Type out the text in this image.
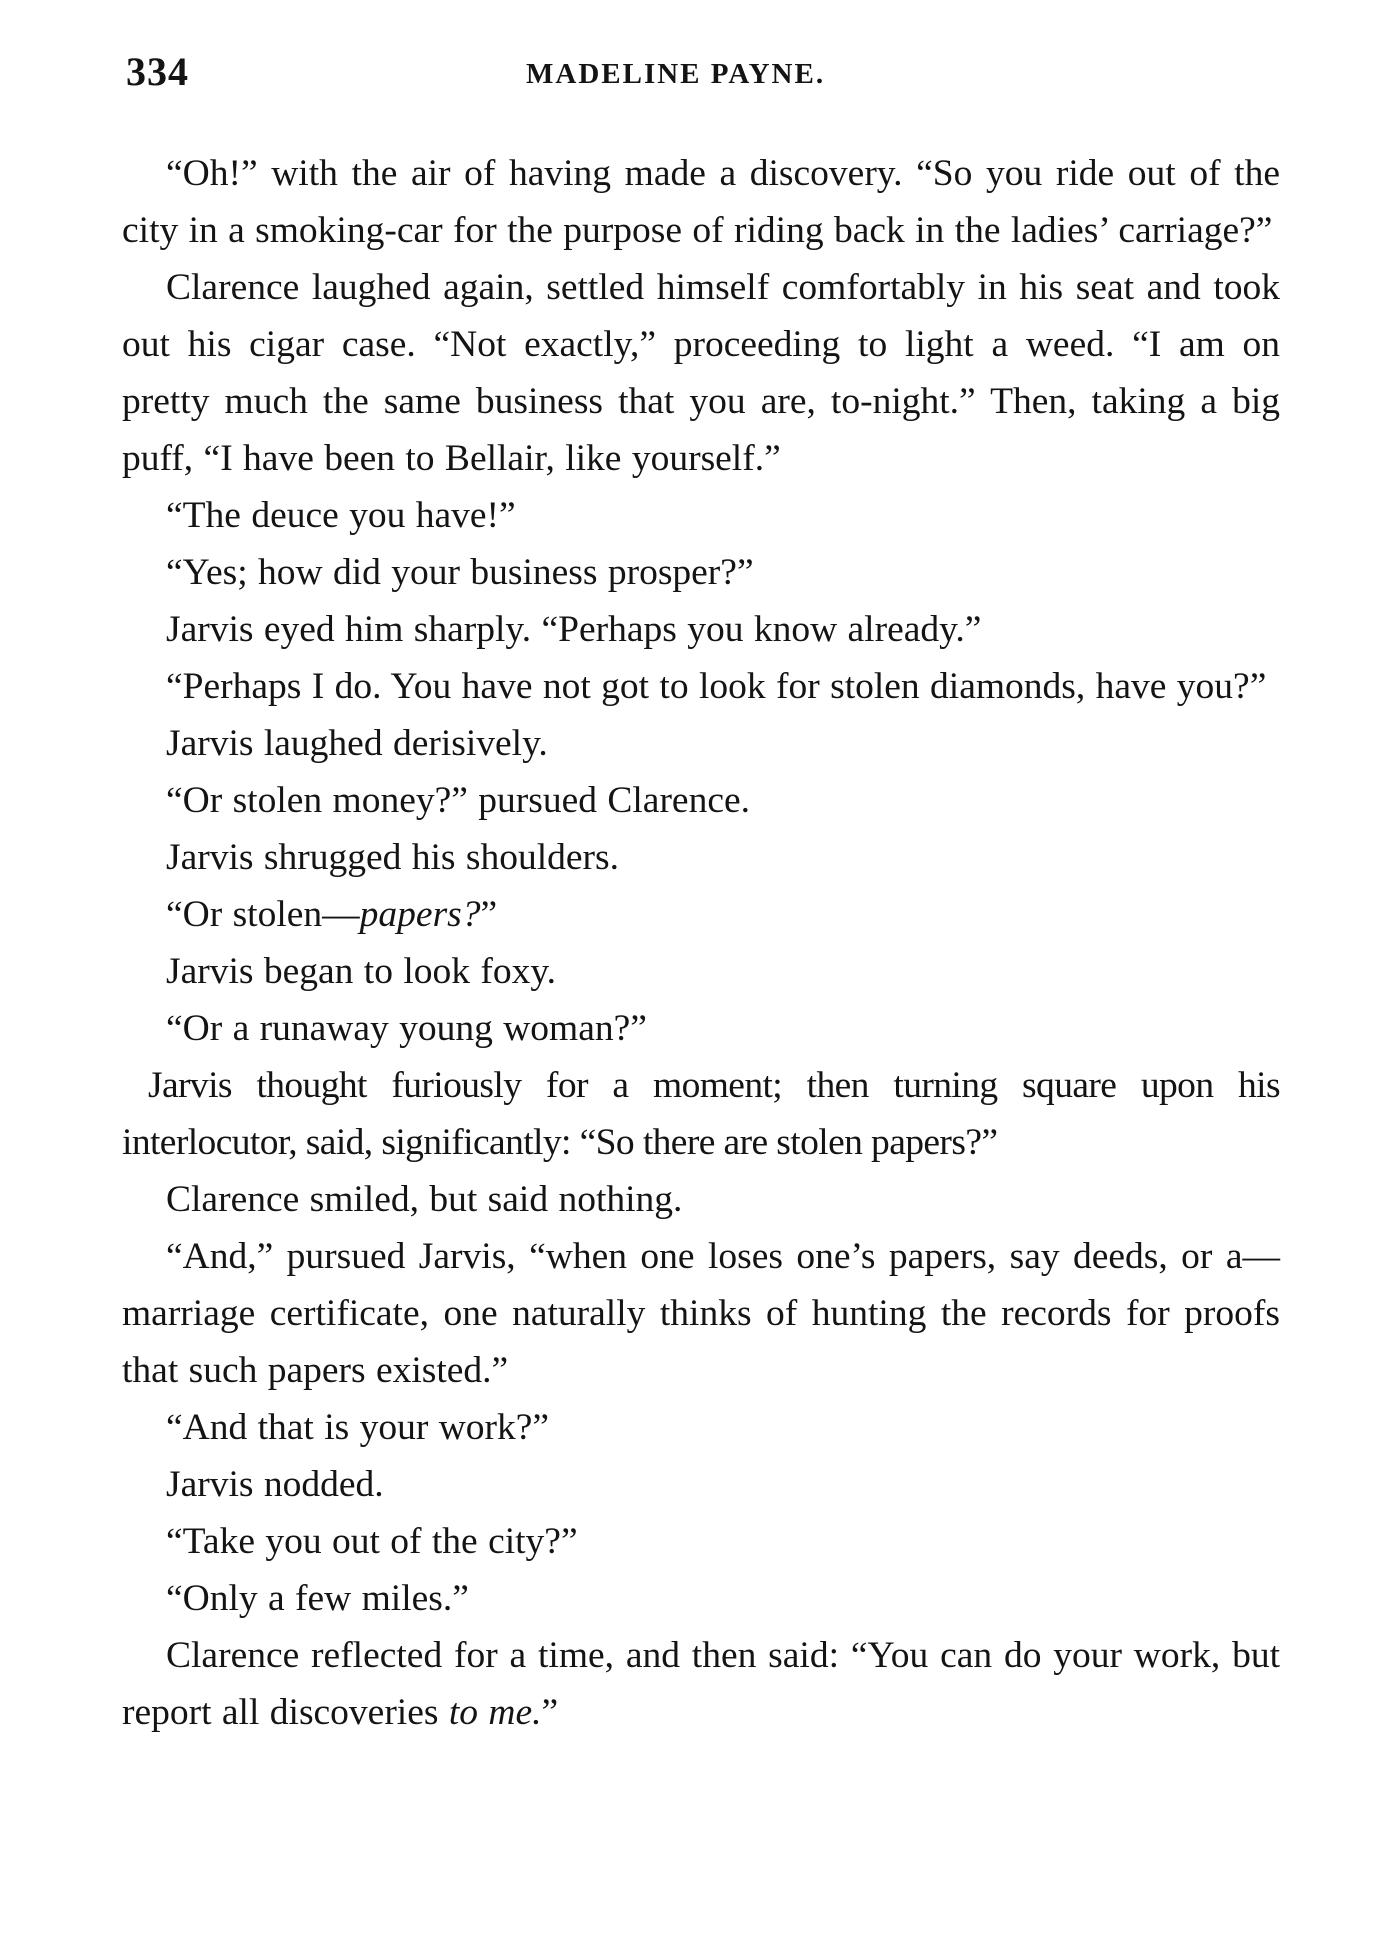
334	MADELINE PAYNE.

“Oh!” with the air of having made a discovery. “So you ride out of the city in a smoking-car for the purpose of riding back in the ladies’ carriage?”

Clarence laughed again, settled himself comfortably in his seat and took out his cigar case. “Not exactly,” proceeding to light a weed. “I am on pretty much the same business that you are, to-night.” Then, taking a big puff, “I have been to Bellair, like yourself.”

“The deuce you have!”

“Yes; how did your business prosper?”

Jarvis eyed him sharply. “Perhaps you know already.”

“Perhaps I do. You have not got to look for stolen diamonds, have you?”

Jarvis laughed derisively.

“Or stolen money?” pursued Clarence.

Jarvis shrugged his shoulders.

“Or stolen—papers?”

Jarvis began to look foxy.

“Or a runaway young woman?”

Jarvis thought furiously for a moment; then turning square upon his interlocutor, said, significantly: “So there are stolen papers?”

Clarence smiled, but said nothing.

“And,” pursued Jarvis, “when one loses one’s papers, say deeds, or a—marriage certificate, one naturally thinks of hunting the records for proofs that such papers existed.”

“And that is your work?”

Jarvis nodded.

“Take you out of the city?”

“Only a few miles.”

Clarence reflected for a time, and then said: “You can do your work, but report all discoveries to me.”
